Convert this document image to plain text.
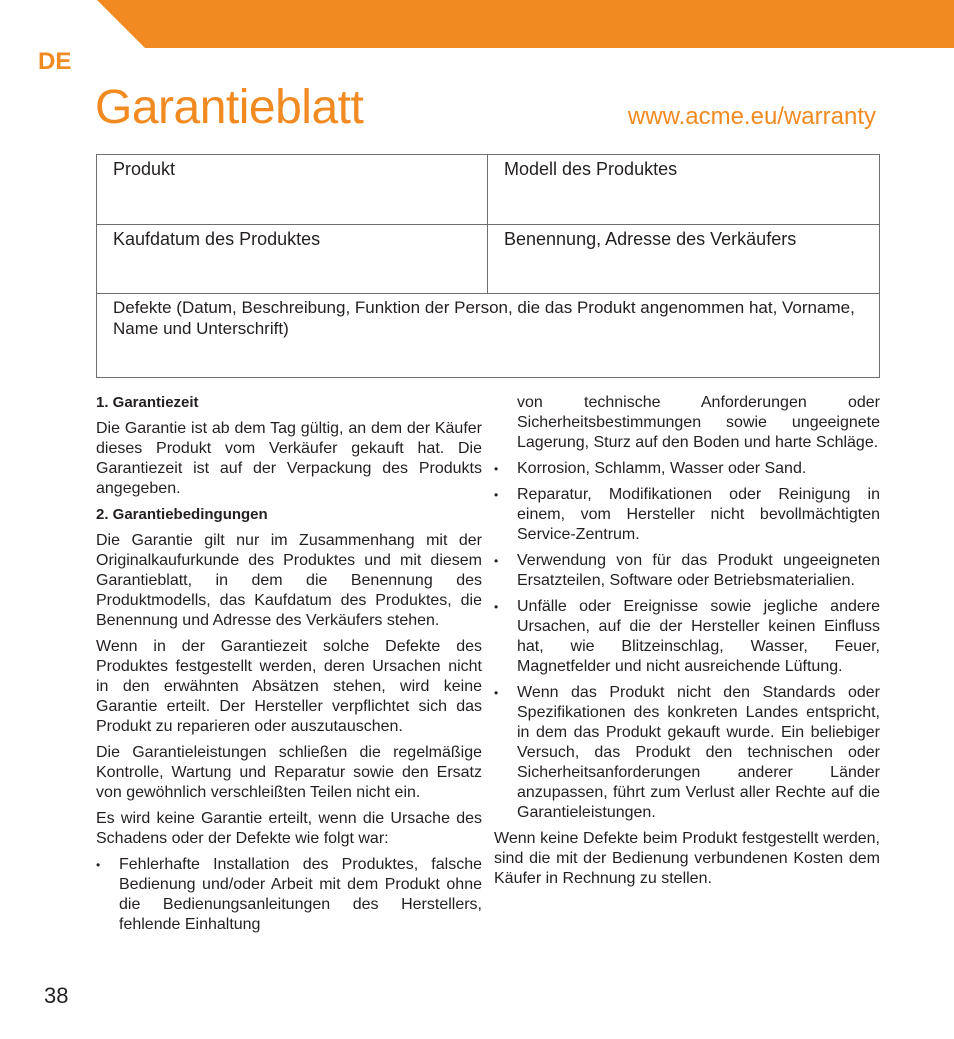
DE
Garantieblatt	www.acme.eu/warranty
Produkt	Modell des Produktes
Kaufdatum des Produktes	Benennung, Adresse des Verkäufers
Defekte (Datum, Beschreibung, Funktion der Person, die das Produkt angenommen hat, Vorname, Name und Unterschrift)	
1. Garantiezeit

Die Garantie ist ab dem Tag gültig, an dem der Käufer dieses Produkt vom Verkäufer gekauft hat. Die Garantiezeit ist auf der Verpackung des Produkts angegeben.

2. Garantiebedingungen

Die Garantie gilt nur im Zusammenhang mit der Originalkaufurkunde des Produktes und mit diesem Garantieblatt, in dem die Benennung des Produktmodells, das Kaufdatum des Produktes, die Benennung und Adresse des Verkäufers stehen.

Wenn in der Garantiezeit solche Defekte des Produktes festgestellt werden, deren Ursachen nicht in den erwähnten Absätzen stehen, wird keine Garantie erteilt. Der Hersteller verpflichtet sich das Produkt zu reparieren oder auszutauschen.

Die Garantieleistungen schließen die regelmäßige Kontrolle, Wartung und Reparatur sowie den Ersatz von gewöhnlich verschleißten Teilen nicht ein.

Es wird keine Garantie erteilt, wenn die Ursache des Schadens oder der Defekte wie folgt war:

• Fehlerhafte Installation des Produktes, falsche Bedienung und/oder Arbeit mit dem Produkt ohne die Bedienungsanleitungen des Herstellers, fehlende Einhaltung
von technische Anforderungen oder Sicherheitsbestimmungen sowie ungeeignete Lagerung, Sturz auf den Boden und harte Schläge.
• Korrosion, Schlamm, Wasser oder Sand.
• Reparatur, Modifikationen oder Reinigung in einem, vom Hersteller nicht bevollmächtigten Service-Zentrum.
• Verwendung von für das Produkt ungeeigneten Ersatzteilen, Software oder Betriebsmaterialien.
• Unfälle oder Ereignisse sowie jegliche andere Ursachen, auf die der Hersteller keinen Einfluss hat, wie Blitzeinschlag, Wasser, Feuer, Magnetfelder und nicht ausreichende Lüftung.
• Wenn das Produkt nicht den Standards oder Spezifikationen des konkreten Landes entspricht, in dem das Produkt gekauft wurde. Ein beliebiger Versuch, das Produkt den technischen oder Sicherheitsanforderungen anderer Länder anzupassen, führt zum Verlust aller Rechte auf die Garantieleistungen.

Wenn keine Defekte beim Produkt festgestellt werden, sind die mit der Bedienung verbundenen Kosten dem Käufer in Rechnung zu stellen.

38
